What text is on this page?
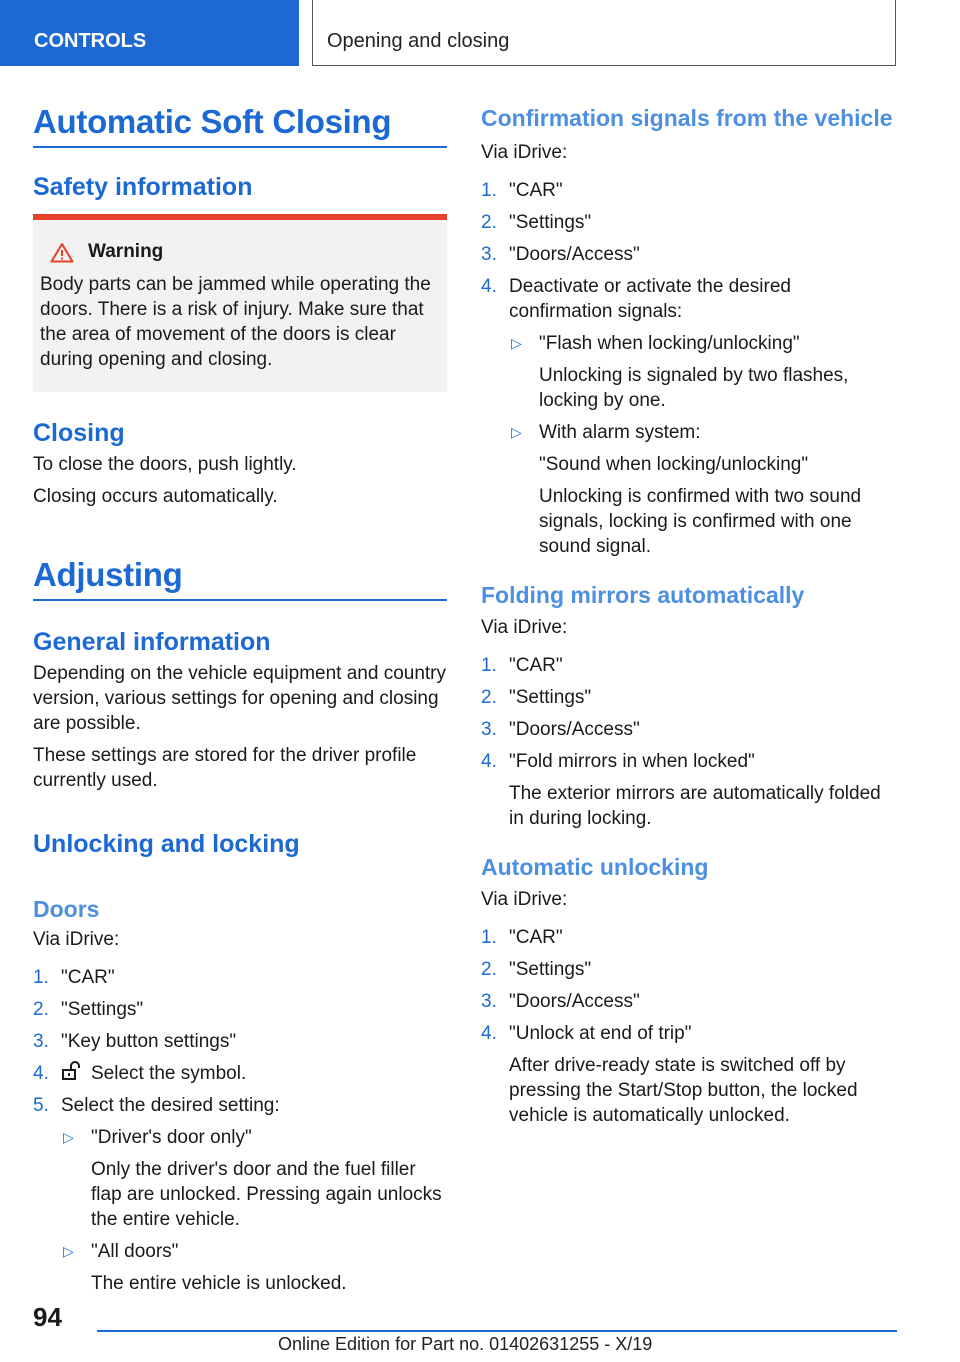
CONTROLS	Opening and closing
Automatic Soft Closing
Safety information
Warning

Body parts can be jammed while operating the doors. There is a risk of injury. Make sure that the area of movement of the doors is clear during opening and closing.

Closing

To close the doors, push lightly.

Closing occurs automatically.

Adjusting
General information

Depending on the vehicle equipment and country version, various settings for opening and closing are possible.

These settings are stored for the driver profile currently used.

Unlocking and locking
Doors

Via iDrive:

1. "CAR"
2. "Settings"
3. "Key button settings"
4. Select the symbol.
5. Select the desired setting:
▷ "Driver's door only"
Only the driver's door and the fuel filler flap are unlocked. Pressing again unlocks the entire vehicle.
▷ "All doors"
The entire vehicle is unlocked.
Confirmation signals from the vehicle

Via iDrive:

1. "CAR"
2. "Settings"
3. "Doors/Access"
4. Deactivate or activate the desired confirmation signals:
▷ "Flash when locking/unlocking"
Unlocking is signaled by two flashes, locking by one.
▷ With alarm system:
"Sound when locking/unlocking"
Unlocking is confirmed with two sound signals, locking is confirmed with one sound signal.
Folding mirrors automatically

Via iDrive:

1. "CAR"
2. "Settings"
3. "Doors/Access"
4. "Fold mirrors in when locked"
The exterior mirrors are automatically folded in during locking.
Automatic unlocking

Via iDrive:

1. "CAR"
2. "Settings"
3. "Doors/Access"
4. "Unlock at end of trip"
After drive-ready state is switched off by pressing the Start/Stop button, the locked vehicle is automatically unlocked.
94
Online Edition for Part no. 01402631255 - X/19
